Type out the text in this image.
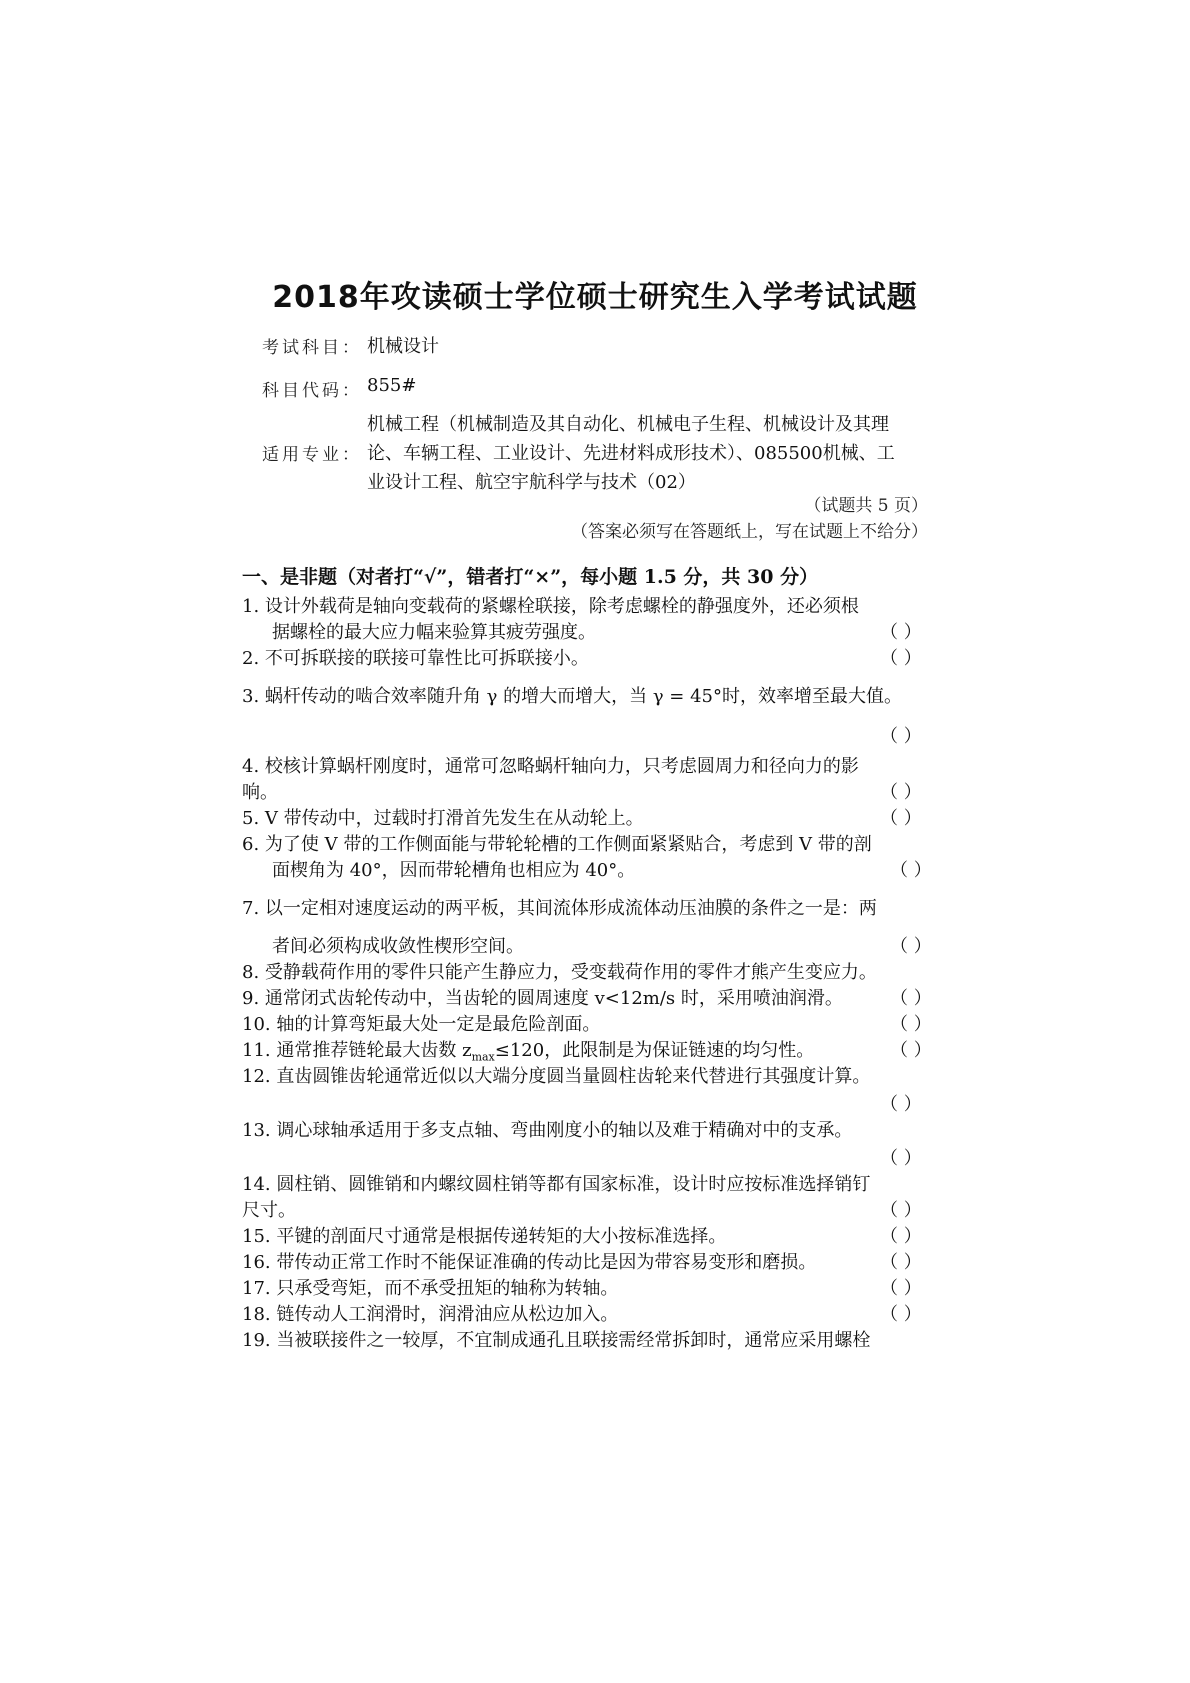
2018年攻读硕士学位硕士研究生入学考试试题
考试科目： 机械设计
科目代码： 855#
适用专业：
机械工程（机械制造及其自动化、机械电子生程、机械设计及其理
论、车辆工程、工业设计、先进材料成形技术）、085500机械、工
业设计工程、航空宇航科学与技术（02）
（试题共 5 页）
（答案必须写在答题纸上，写在试题上不给分）
一、是非题（对者打“√”，错者打“×”，每小题 1.5 分，共 30 分）
1. 设计外载荷是轴向变载荷的紧螺栓联接，除考虑螺栓的静强度外，还必须根
据螺栓的最大应力幅来验算其疲劳强度。	（ ）
2. 不可拆联接的联接可靠性比可拆联接小。	（ ）
3. 蜗杆传动的啮合效率随升角 γ 的增大而增大，当 γ = 45°时，效率增至最大值。
（ ）
4. 校核计算蜗杆刚度时，通常可忽略蜗杆轴向力，只考虑圆周力和径向力的影
响。	（ ）
5. V 带传动中，过载时打滑首先发生在从动轮上。	（ ）
6. 为了使 V 带的工作侧面能与带轮轮槽的工作侧面紧紧贴合，考虑到 V 带的剖
面楔角为 40°，因而带轮槽角也相应为 40°。	（ ）
7. 以一定相对速度运动的两平板，其间流体形成流体动压油膜的条件之一是：两
者间必须构成收敛性楔形空间。	（ ）
8. 受静载荷作用的零件只能产生静应力，受变载荷作用的零件才熊产生变应力。
9. 通常闭式齿轮传动中，当齿轮的圆周速度 v<12m/s 时，采用喷油润滑。	（ ）
10. 轴的计算弯矩最大处一定是最危险剖面。	（ ）
11. 通常推荐链轮最大齿数 $z_{max}\le 120$，此限制是为保证链速的均匀性。	（ ）
12. 直齿圆锥齿轮通常近似以大端分度圆当量圆柱齿轮来代替进行其强度计算。
（ ）
13. 调心球轴承适用于多支点轴、弯曲刚度小的轴以及难于精确对中的支承。
（ ）
14. 圆柱销、圆锥销和内螺纹圆柱销等都有国家标准，设计时应按标准选择销钉
尺寸。	（ ）
15. 平键的剖面尺寸通常是根据传递转矩的大小按标准选择。	（ ）
16. 带传动正常工作时不能保证准确的传动比是因为带容易变形和磨损。	（ ）
17. 只承受弯矩，而不承受扭矩的轴称为转轴。	（ ）
18. 链传动人工润滑时，润滑油应从松边加入。	（ ）
19. 当被联接件之一较厚，不宜制成通孔且联接需经常拆卸时，通常应采用螺栓
